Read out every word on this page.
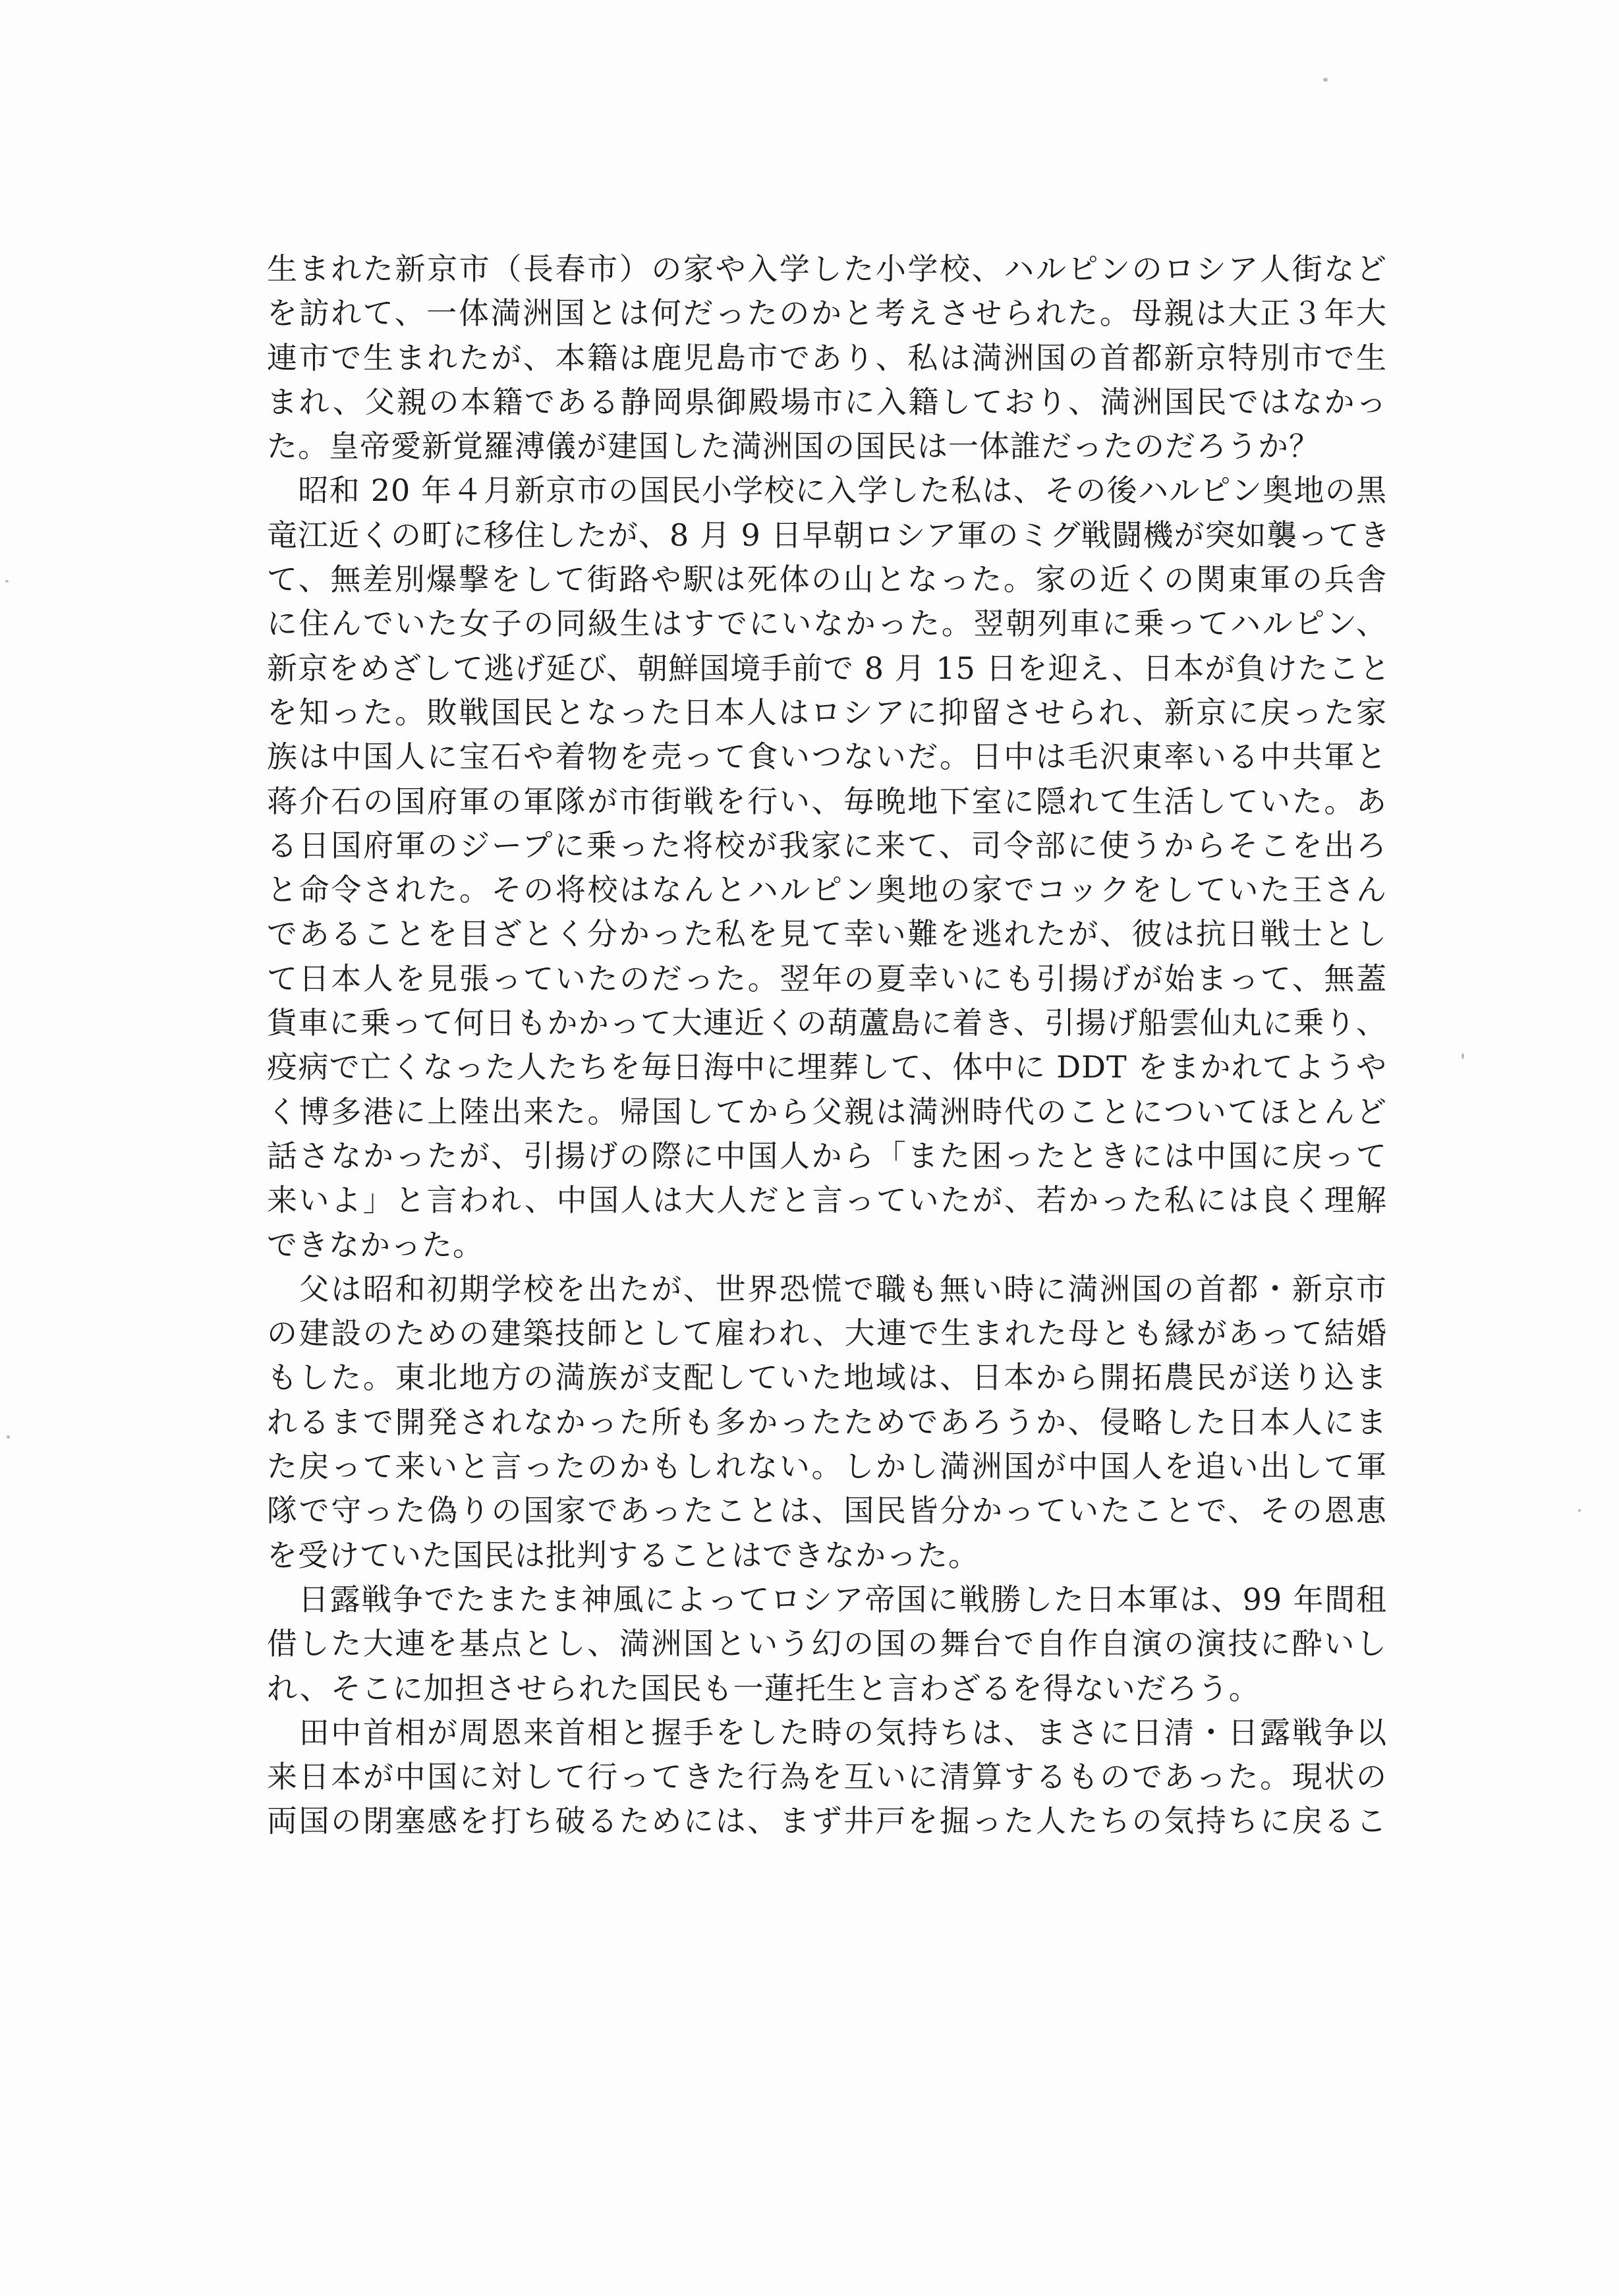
生まれた新京市（長春市）の家や入学した小学校、ハルピンのロシア人街など
を訪れて、一体満洲国とは何だったのかと考えさせられた。母親は大正３年大
連市で生まれたが、本籍は鹿児島市であり、私は満洲国の首都新京特別市で生
まれ、父親の本籍である静岡県御殿場市に入籍しており、満洲国民ではなかっ
た。皇帝愛新覚羅溥儀が建国した満洲国の国民は一体誰だったのだろうか？
　昭和 20 年４月新京市の国民小学校に入学した私は、その後ハルピン奥地の黒
竜江近くの町に移住したが、8 月 9 日早朝ロシア軍のミグ戦闘機が突如襲ってき
て、無差別爆撃をして街路や駅は死体の山となった。家の近くの関東軍の兵舎
に住んでいた女子の同級生はすでにいなかった。翌朝列車に乗ってハルピン、
新京をめざして逃げ延び、朝鮮国境手前で 8 月 15 日を迎え、日本が負けたこと
を知った。敗戦国民となった日本人はロシアに抑留させられ、新京に戻った家
族は中国人に宝石や着物を売って食いつないだ。日中は毛沢東率いる中共軍と
蒋介石の国府軍の軍隊が市街戦を行い、毎晩地下室に隠れて生活していた。あ
る日国府軍のジープに乗った将校が我家に来て、司令部に使うからそこを出ろ
と命令された。その将校はなんとハルピン奥地の家でコックをしていた王さん
であることを目ざとく分かった私を見て幸い難を逃れたが、彼は抗日戦士とし
て日本人を見張っていたのだった。翌年の夏幸いにも引揚げが始まって、無蓋
貨車に乗って何日もかかって大連近くの葫蘆島に着き、引揚げ船雲仙丸に乗り、
疫病で亡くなった人たちを毎日海中に埋葬して、体中に DDT をまかれてようや
く博多港に上陸出来た。帰国してから父親は満洲時代のことについてほとんど
話さなかったが、引揚げの際に中国人から「また困ったときには中国に戻って
来いよ」と言われ、中国人は大人だと言っていたが、若かった私には良く理解
できなかった。
　父は昭和初期学校を出たが、世界恐慌で職も無い時に満洲国の首都・新京市
の建設のための建築技師として雇われ、大連で生まれた母とも縁があって結婚
もした。東北地方の満族が支配していた地域は、日本から開拓農民が送り込ま
れるまで開発されなかった所も多かったためであろうか、侵略した日本人にま
た戻って来いと言ったのかもしれない。しかし満洲国が中国人を追い出して軍
隊で守った偽りの国家であったことは、国民皆分かっていたことで、その恩恵
を受けていた国民は批判することはできなかった。
　日露戦争でたまたま神風によってロシア帝国に戦勝した日本軍は、99 年間租
借した大連を基点とし、満洲国という幻の国の舞台で自作自演の演技に酔いし
れ、そこに加担させられた国民も一蓮托生と言わざるを得ないだろう。
　田中首相が周恩来首相と握手をした時の気持ちは、まさに日清・日露戦争以
来日本が中国に対して行ってきた行為を互いに清算するものであった。現状の
両国の閉塞感を打ち破るためには、まず井戸を掘った人たちの気持ちに戻るこ
